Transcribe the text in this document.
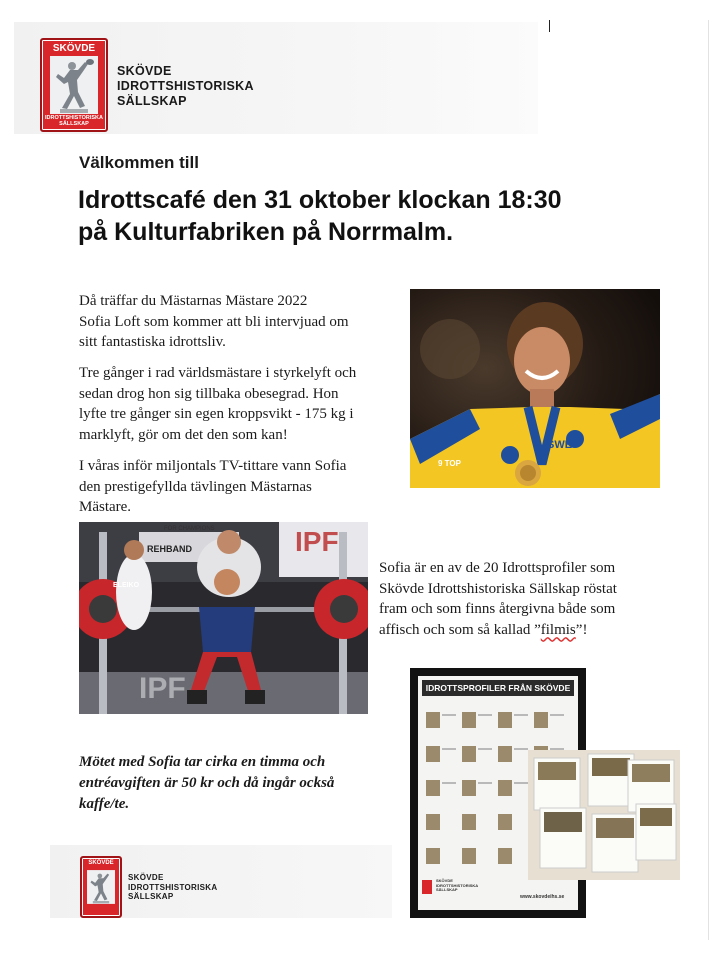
SKÖVDE
IDROTTSHISTORISKA
SÄLLSKAP
SKÖVDE
IDROTTSHISTORISKA
SÄLLSKAP
Välkommen till
Idrottscafé den 31 oktober klockan 18:30
på Kulturfabriken på Norrmalm.
Då träffar du Mästarnas Mästare 2022
Sofia Loft som kommer att bli intervjuad om
sitt fantastiska idrottsliv.
Tre gånger i rad världsmästare i styrkelyft och
sedan drog hon sig tillbaka obesegrad. Hon
lyfte tre gånger sin egen kroppsvikt - 175 kg i
marklyft, gör om det den som kan!
I våras inför miljontals TV-tittare vann Sofia
den prestigefyllda tävlingen Mästarnas
Mästare.
SWE
9 TOP
FOR CHAMPIONS	IPF
REHBAND
ELEIKO
IPF
Sofia är en av de 20 Idrottsprofiler som
Skövde Idrottshistoriska Sällskap röstat
fram och som finns återgivna både som
affisch och som så kallad ”filmis”!
Mötet med Sofia tar cirka en timma och
entréavgiften är 50 kr och då ingår också
kaffe/te.
IDROTTSPROFILER FRÅN SKÖVDE
SKÖVDE
IDROTTSHISTORISKA
SÄLLSKAP
www.skovdeihs.se
SKÖVDE
SKÖVDE
IDROTTSHISTORISKA
SÄLLSKAP
